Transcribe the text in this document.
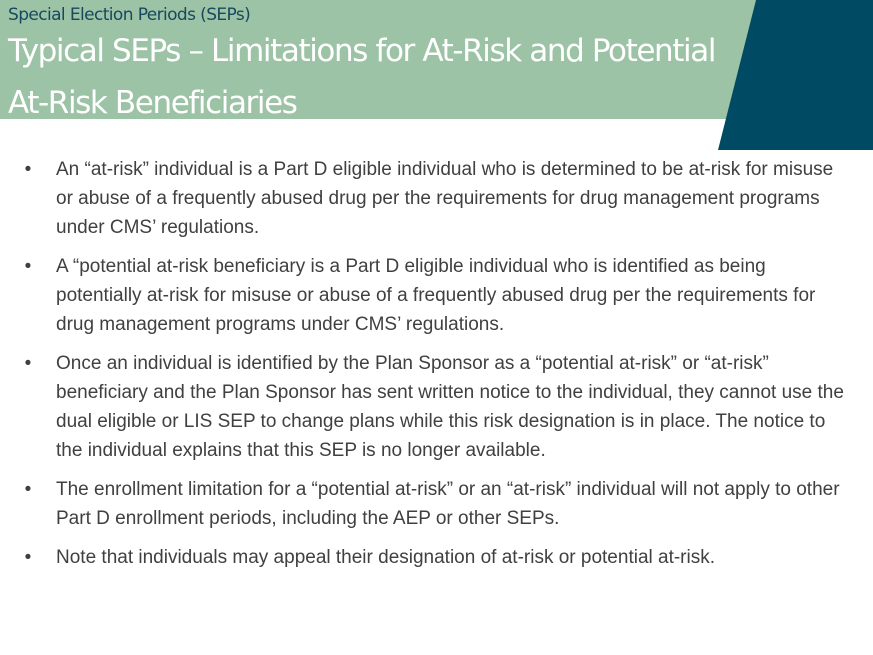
Special Election Periods (SEPs)
Typical SEPs – Limitations for At-Risk and Potential At-Risk Beneficiaries
• An “at-risk” individual is a Part D eligible individual who is determined to be at-risk for misuse or abuse of a frequently abused drug per the requirements for drug management programs under CMS’ regulations.
• A “potential at-risk beneficiary is a Part D eligible individual who is identified as being potentially at-risk for misuse or abuse of a frequently abused drug per the requirements for drug management programs under CMS’ regulations.
• Once an individual is identified by the Plan Sponsor as a “potential at-risk” or “at-risk” beneficiary and the Plan Sponsor has sent written notice to the individual, they cannot use the dual eligible or LIS SEP to change plans while this risk designation is in place. The notice to the individual explains that this SEP is no longer available.
• The enrollment limitation for a “potential at-risk” or an “at-risk” individual will not apply to other Part D enrollment periods, including the AEP or other SEPs.
• Note that individuals may appeal their designation of at-risk or potential at-risk.
